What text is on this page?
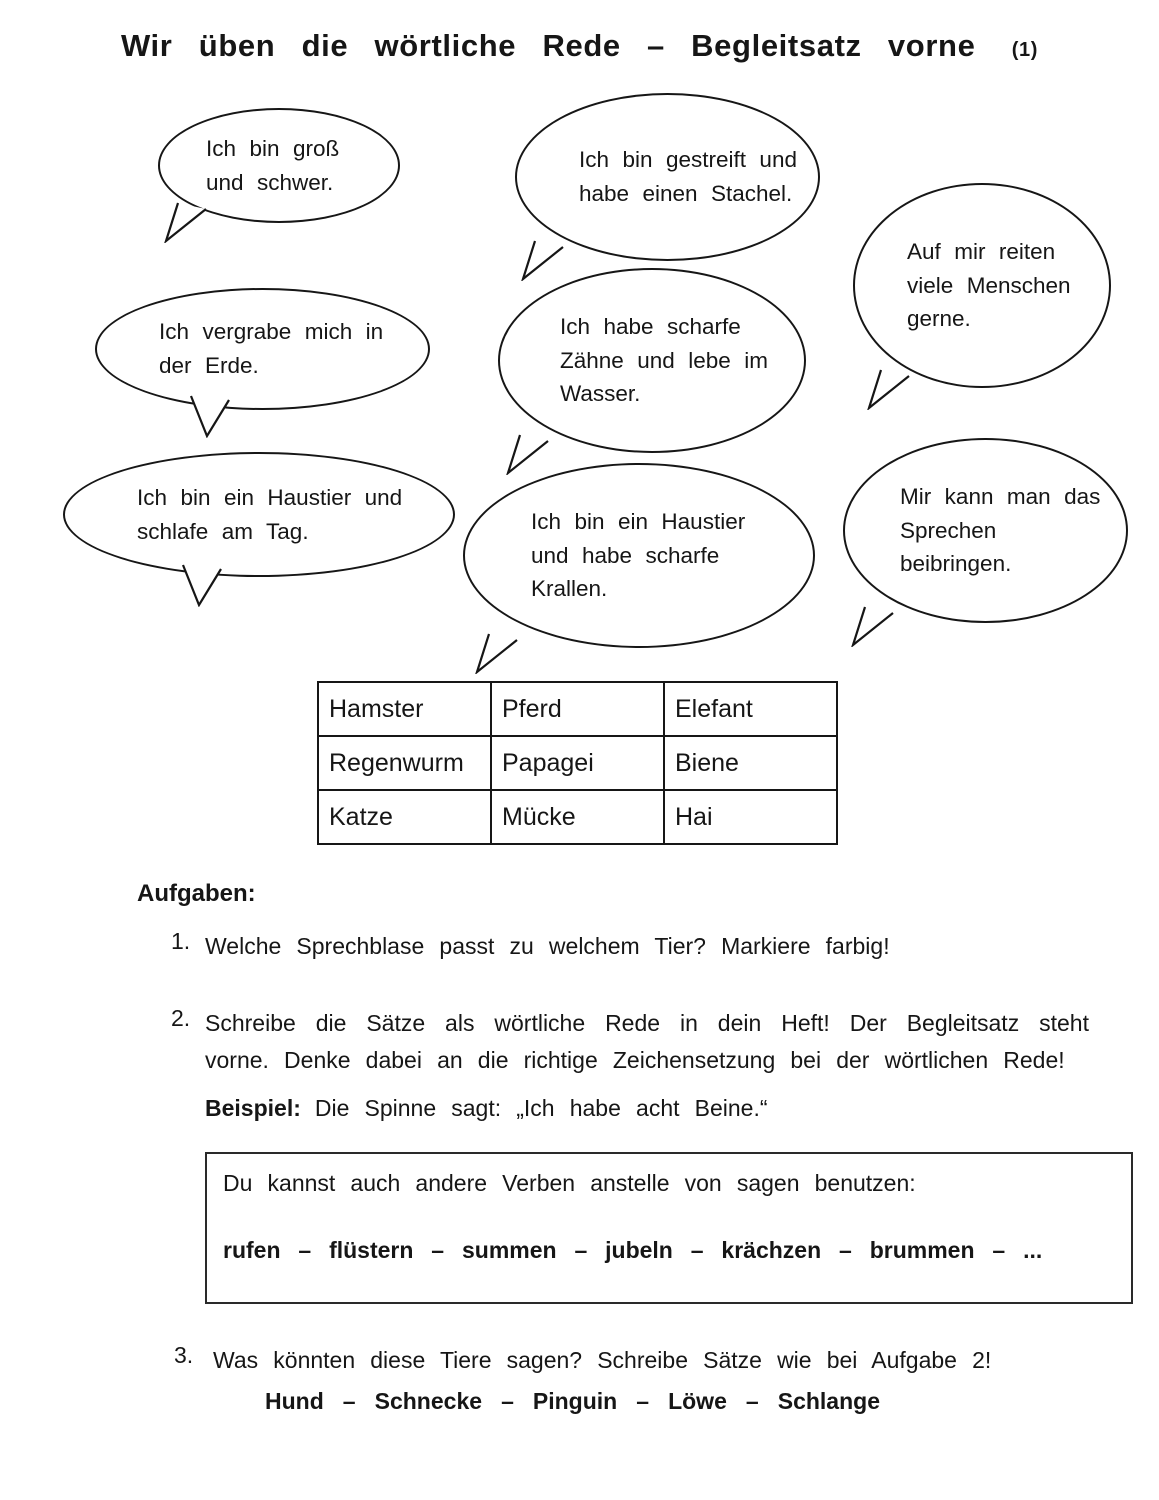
Wir üben die wörtliche Rede – Begleitsatz vorne (1)
Ich bin groß und schwer.
Ich bin gestreift und habe einen Stachel.
Auf mir reiten viele Menschen gerne.
Ich vergrabe mich in der Erde.
Ich habe scharfe Zähne und lebe im Wasser.
Ich bin ein Haustier und schlafe am Tag.	Ich bin ein Haustier und habe scharfe Krallen.
Mir kann man das Sprechen beibringen.
Hamster	Pferd	Elefant
Regenwurm	Papagei	Biene
Katze	Mücke	Hai
Aufgaben:
1. Welche Sprechblase passt zu welchem Tier? Markiere farbig!
2. Schreibe die Sätze als wörtliche Rede in dein Heft! Der Begleitsatz steht vorne. Denke dabei an die richtige Zeichensetzung bei der wörtlichen Rede!
Beispiel: Die Spinne sagt: „Ich habe acht Beine.“
Du kannst auch andere Verben anstelle von sagen benutzen:
rufen – flüstern – summen – jubeln – krächzen – brummen – ...
3. Was könnten diese Tiere sagen? Schreibe Sätze wie bei Aufgabe 2!
Hund – Schnecke – Pinguin – Löwe – Schlange
